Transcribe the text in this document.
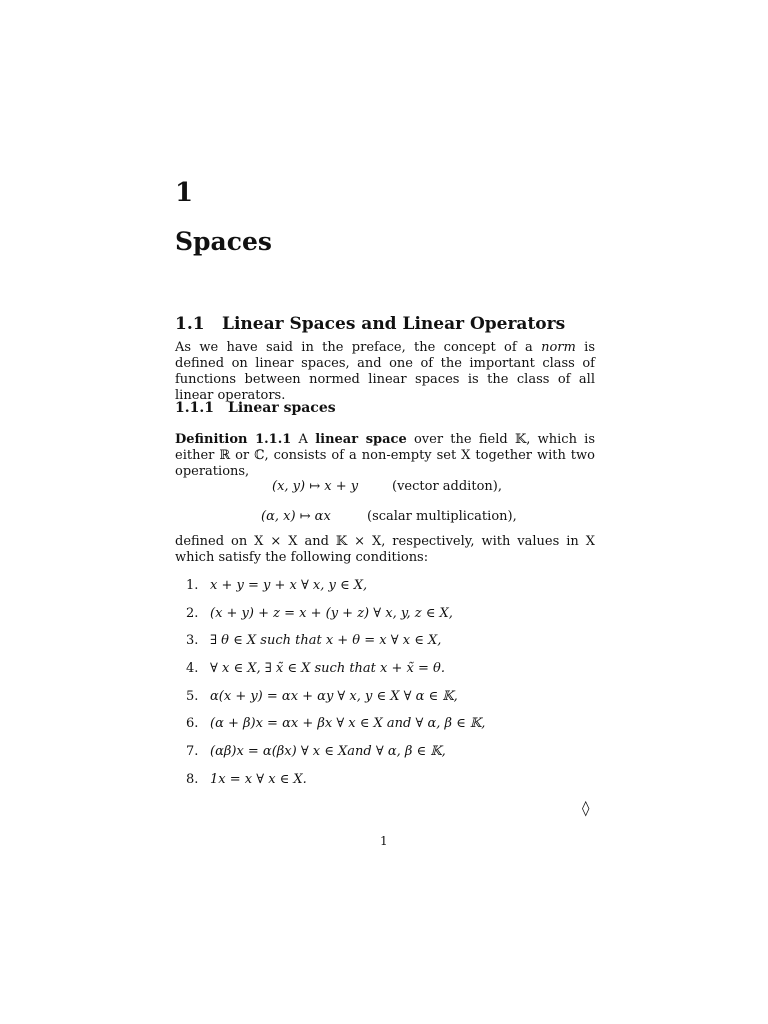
1
Spaces
1.1 Linear Spaces and Linear Operators
As we have said in the preface, the concept of a norm is defined on linear spaces, and one of the important class of functions between normed linear spaces is the class of all linear operators.
1.1.1 Linear spaces
Definition 1.1.1 A linear space over the field 𝕂, which is either ℝ or ℂ, consists of a non-empty set X together with two operations,
(x, y) ↦ x + y	(vector additon),
(α, x) ↦ αx	(scalar multiplication),
defined on X × X and 𝕂 × X, respectively, with values in X which satisfy the following conditions:
1. x + y = y + x ∀ x, y ∈ X,
2. (x + y) + z = x + (y + z) ∀ x, y, z ∈ X,
3. ∃ θ ∈ X such that x + θ = x ∀ x ∈ X,
4. ∀ x ∈ X, ∃ x̃ ∈ X such that x + x̃ = θ.
5. α(x + y) = αx + αy ∀ x, y ∈ X ∀ α ∈ 𝕂,
6. (α + β)x = αx + βx ∀ x ∈ X and ∀ α, β ∈ 𝕂,
7. (αβ)x = α(βx) ∀ x ∈ Xand ∀ α, β ∈ 𝕂,
8. 1x = x ∀ x ∈ X.
◊
1
